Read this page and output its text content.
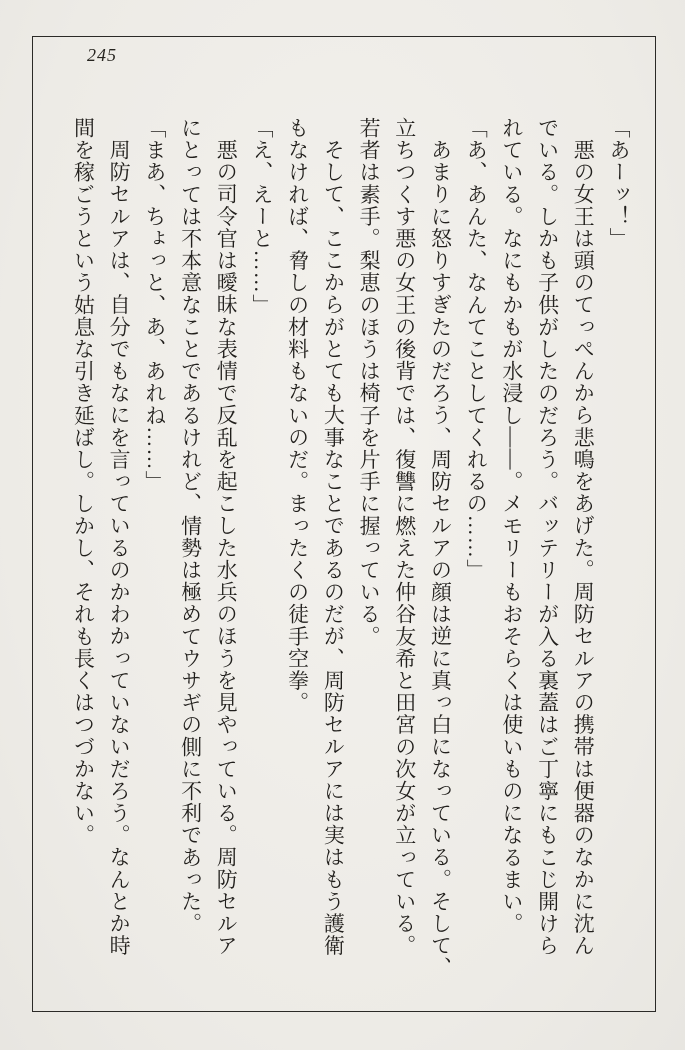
245

「あーッ！」

悪の女王は頭のてっぺんから悲鳴をあげた。周防セルアの携帯は便器のなかに沈ん

でいる。しかも子供がしたのだろう。バッテリーが入る裏蓋はご丁寧にもこじ開けら

れている。なにもかもが水浸し――。メモリーもおそらくは使いものになるまい。

「あ、あんた、なんてことしてくれるの……」

あまりに怒りすぎたのだろう、周防セルアの顔は逆に真っ白になっている。そして、

立ちつくす悪の女王の後背では、復讐に燃えた仲谷友希と田宮の次女が立っている。

若者は素手。梨恵のほうは椅子を片手に握っている。

そして、ここからがとても大事なことであるのだが、周防セルアには実はもう護衛

もなければ、脅しの材料もないのだ。まったくの徒手空拳。

「え、えーと……」

悪の司令官は曖昧な表情で反乱を起こした水兵のほうを見やっている。周防セルア

にとっては不本意なことであるけれど、情勢は極めてウサギの側に不利であった。

「まあ、ちょっと、あ、あれね……」

周防セルアは、自分でもなにを言っているのかわかっていないだろう。なんとか時

間を稼ごうという姑息な引き延ばし。しかし、それも長くはつづかない。
